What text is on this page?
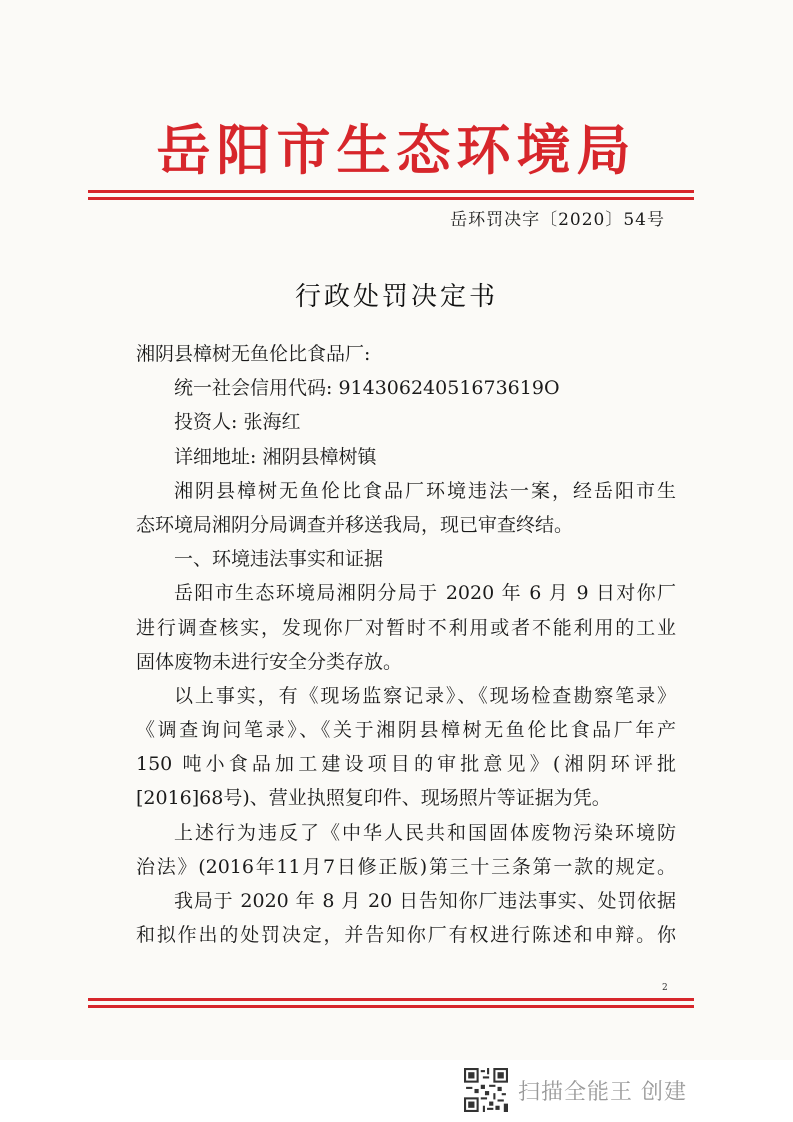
岳阳市生态环境局
岳环罚决字〔2020〕54号
行政处罚决定书
湘阴县樟树无鱼伦比食品厂:
统一社会信用代码: 91430624051673619O
投资人: 张海红
详细地址: 湘阴县樟树镇
湘阴县樟树无鱼伦比食品厂环境违法一案，经岳阳市生
态环境局湘阴分局调查并移送我局，现已审查终结。
一、环境违法事实和证据
岳阳市生态环境局湘阴分局于 2020 年 6 月 9 日对你厂
进行调查核实，发现你厂对暂时不利用或者不能利用的工业
固体废物未进行安全分类存放。
以上事实，有《现场监察记录》、《现场检查勘察笔录》
《调查询问笔录》、《关于湘阴县樟树无鱼伦比食品厂年产
150 吨小食品加工建设项目的审批意见》(湘阴环评批
[2016]68号)、营业执照复印件、现场照片等证据为凭。
上述行为违反了《中华人民共和国固体废物污染环境防
治法》(2016年11月7日修正版)第三十三条第一款的规定。
我局于 2020 年 8 月 20 日告知你厂违法事实、处罚依据
和拟作出的处罚决定，并告知你厂有权进行陈述和申辩。你
2
扫描全能王 创建
